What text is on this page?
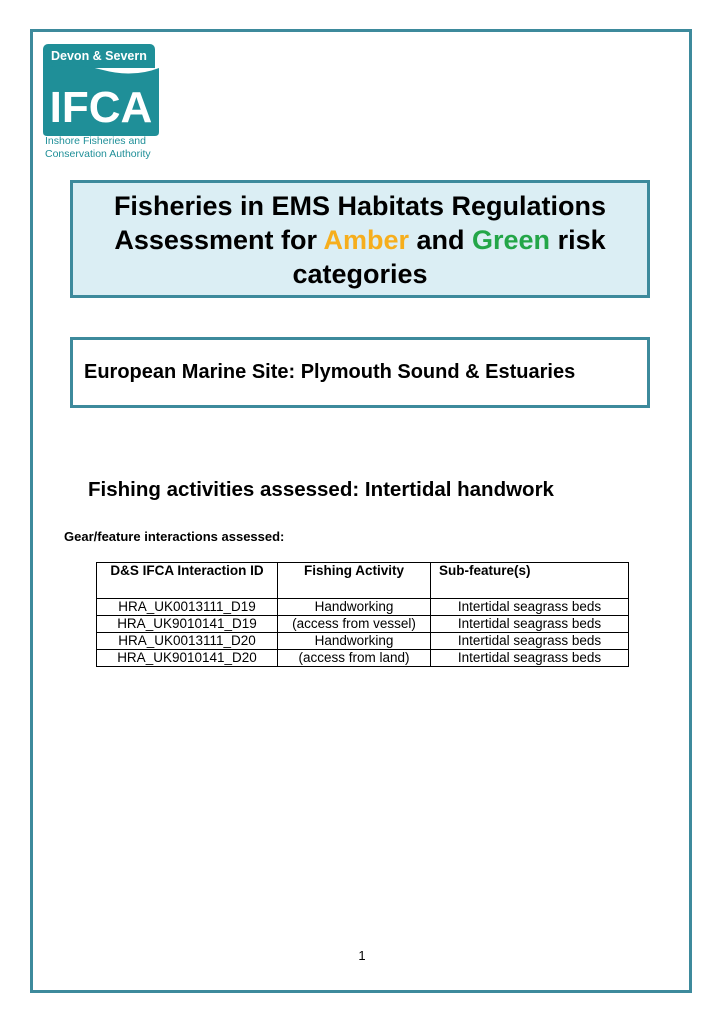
Devon & Severn
IFCA
Inshore Fisheries and
Conservation Authority
Fisheries in EMS Habitats Regulations
Assessment for Amber and Green risk
categories
European Marine Site: Plymouth Sound & Estuaries
Fishing activities assessed: Intertidal handwork
Gear/feature interactions assessed:
D&S IFCA Interaction ID	Fishing Activity	Sub-feature(s)
HRA_UK0013111_D19	Handworking	Intertidal seagrass beds
HRA_UK9010141_D19	(access from vessel)	Intertidal seagrass beds
HRA_UK0013111_D20	Handworking	Intertidal seagrass beds
HRA_UK9010141_D20	(access from land)	Intertidal seagrass beds
1
